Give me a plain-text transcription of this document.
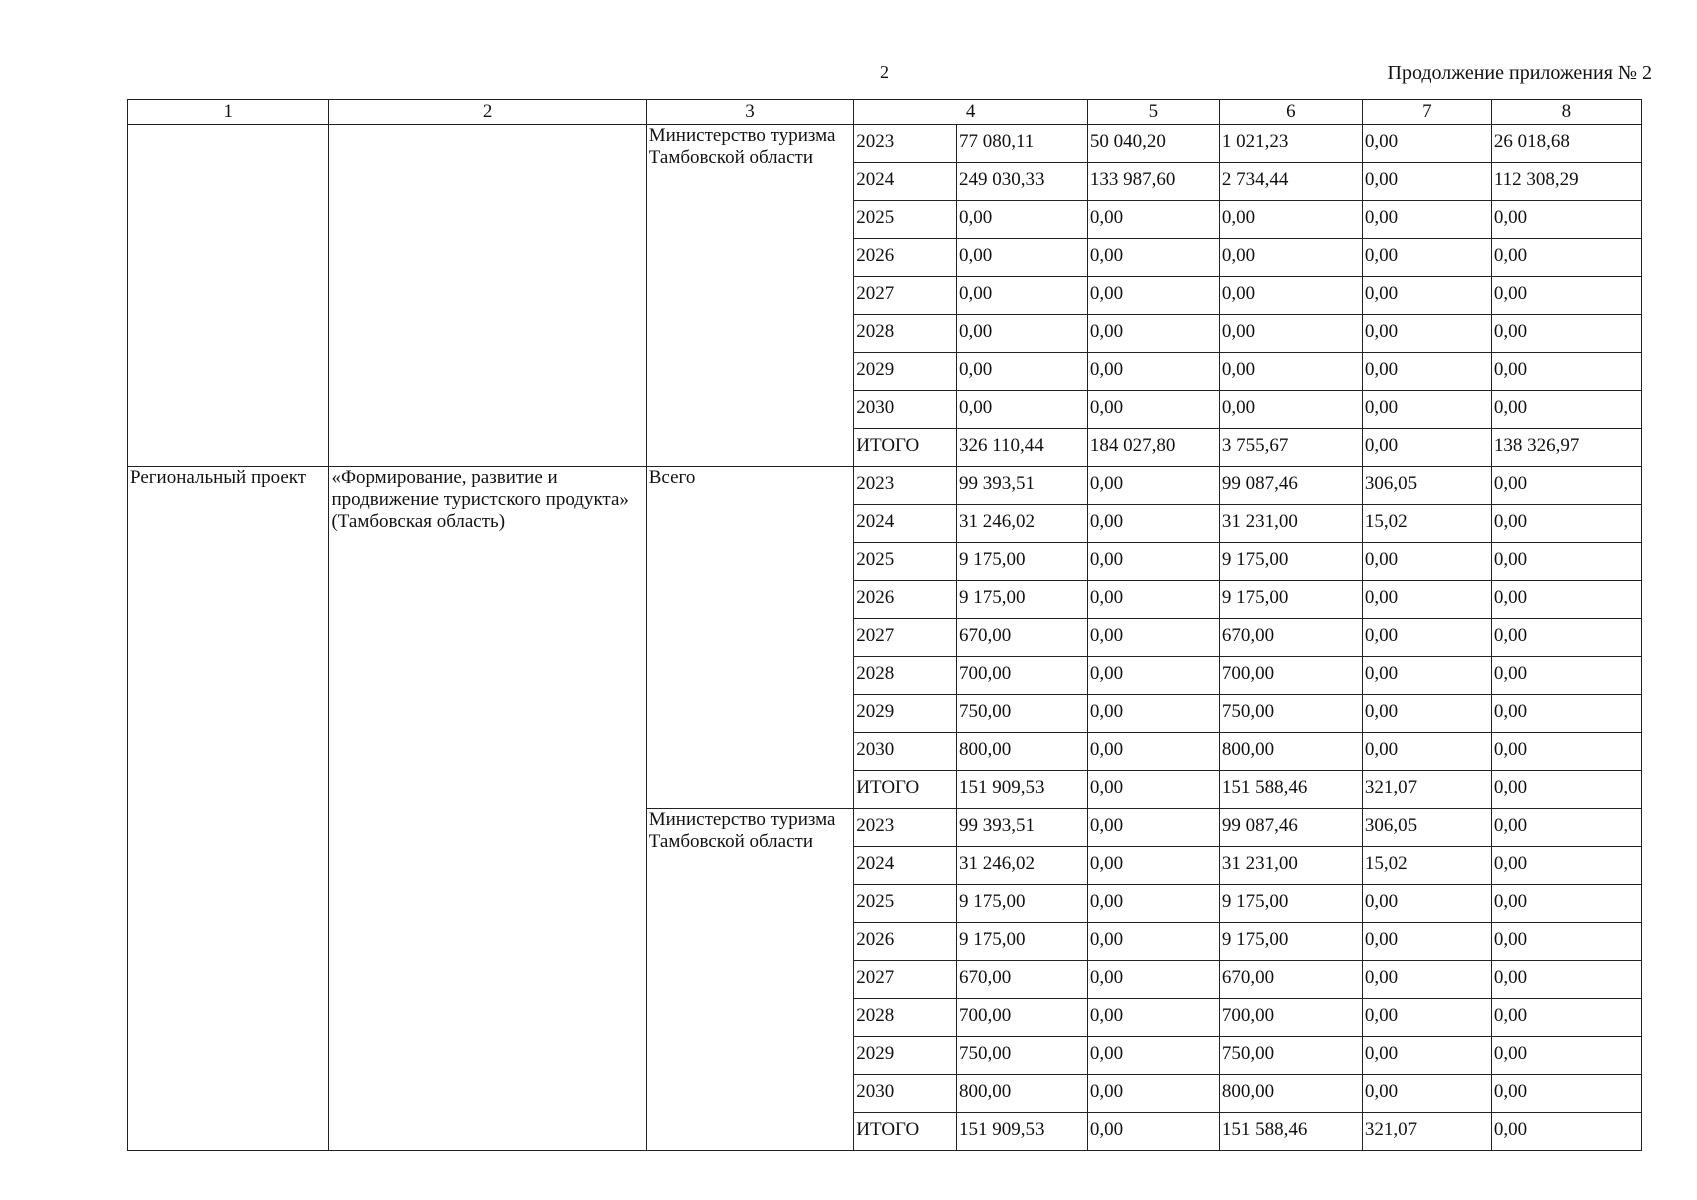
2	Продолжение приложения № 2
1	2	3	4		5	6	7	8
		Министерство туризма Тамбовской области	2023	77 080,11	50 040,20	1 021,23	0,00	26 018,68
			2024	249 030,33	133 987,60	2 734,44	0,00	112 308,29
			2025	0,00	0,00	0,00	0,00	0,00
			2026	0,00	0,00	0,00	0,00	0,00
			2027	0,00	0,00	0,00	0,00	0,00
			2028	0,00	0,00	0,00	0,00	0,00
			2029	0,00	0,00	0,00	0,00	0,00
			2030	0,00	0,00	0,00	0,00	0,00
			ИТОГО	326 110,44	184 027,80	3 755,67	0,00	138 326,97
Региональный проект	«Формирование, развитие и продвижение туристского продукта» (Тамбовская область)	Всего	2023	99 393,51	0,00	99 087,46	306,05	0,00
			2024	31 246,02	0,00	31 231,00	15,02	0,00
			2025	9 175,00	0,00	9 175,00	0,00	0,00
			2026	9 175,00	0,00	9 175,00	0,00	0,00
			2027	670,00	0,00	670,00	0,00	0,00
			2028	700,00	0,00	700,00	0,00	0,00
			2029	750,00	0,00	750,00	0,00	0,00
			2030	800,00	0,00	800,00	0,00	0,00
			ИТОГО	151 909,53	0,00	151 588,46	321,07	0,00
		Министерство туризма Тамбовской области	2023	99 393,51	0,00	99 087,46	306,05	0,00
			2024	31 246,02	0,00	31 231,00	15,02	0,00
			2025	9 175,00	0,00	9 175,00	0,00	0,00
			2026	9 175,00	0,00	9 175,00	0,00	0,00
			2027	670,00	0,00	670,00	0,00	0,00
			2028	700,00	0,00	700,00	0,00	0,00
			2029	750,00	0,00	750,00	0,00	0,00
			2030	800,00	0,00	800,00	0,00	0,00
			ИТОГО	151 909,53	0,00	151 588,46	321,07	0,00
